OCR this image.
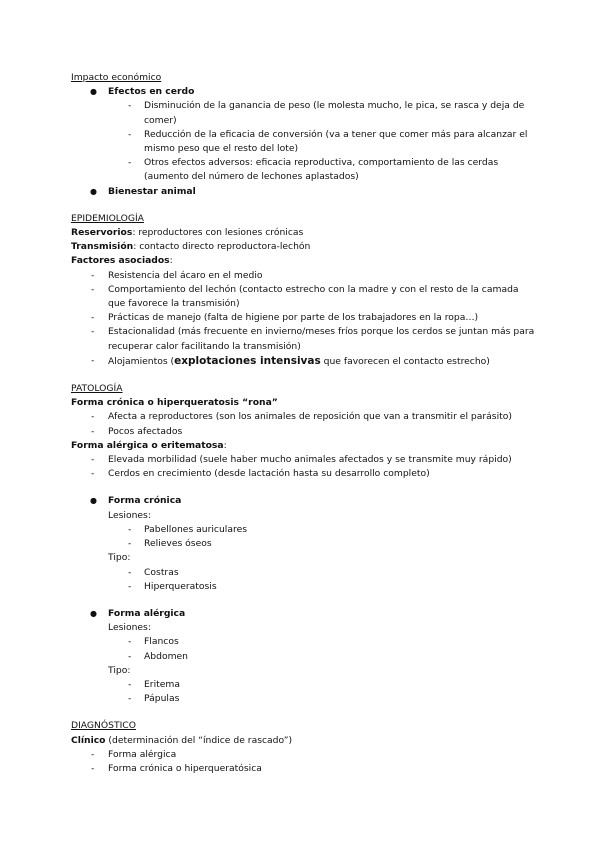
Impacto económico
● Efectos en cerdo
- Disminución de la ganancia de peso (le molesta mucho, le pica, se rasca y deja de
comer)
- Reducción de la eficacia de conversión (va a tener que comer más para alcanzar el
mismo peso que el resto del lote)
- Otros efectos adversos: eficacia reproductiva, comportamiento de las cerdas
(aumento del número de lechones aplastados)
● Bienestar animal
EPIDEMIOLOGÍA
Reservorios: reproductores con lesiones crónicas
Transmisión: contacto directo reproductora-lechón
Factores asociados:
- Resistencia del ácaro en el medio
- Comportamiento del lechón (contacto estrecho con la madre y con el resto de la camada
que favorece la transmisión)
- Prácticas de manejo (falta de higiene por parte de los trabajadores en la ropa…)
- Estacionalidad (más frecuente en invierno/meses fríos porque los cerdos se juntan más para
recuperar calor facilitando la transmisión)
- Alojamientos (explotaciones intensivas que favorecen el contacto estrecho)
PATOLOGÍA
Forma crónica o hiperqueratosis “rona”
- Afecta a reproductores (son los animales de reposición que van a transmitir el parásito)
- Pocos afectados
Forma alérgica o eritematosa:
- Elevada morbilidad (suele haber mucho animales afectados y se transmite muy rápido)
- Cerdos en crecimiento (desde lactación hasta su desarrollo completo)
● Forma crónica
Lesiones:
- Pabellones auriculares
- Relieves óseos
Tipo:
- Costras
- Hiperqueratosis
● Forma alérgica
Lesiones:
- Flancos
- Abdomen
Tipo:
- Eritema
- Pápulas
DIAGNÓSTICO
Clínico (determinación del “índice de rascado”)
- Forma alérgica
- Forma crónica o hiperqueratósica
